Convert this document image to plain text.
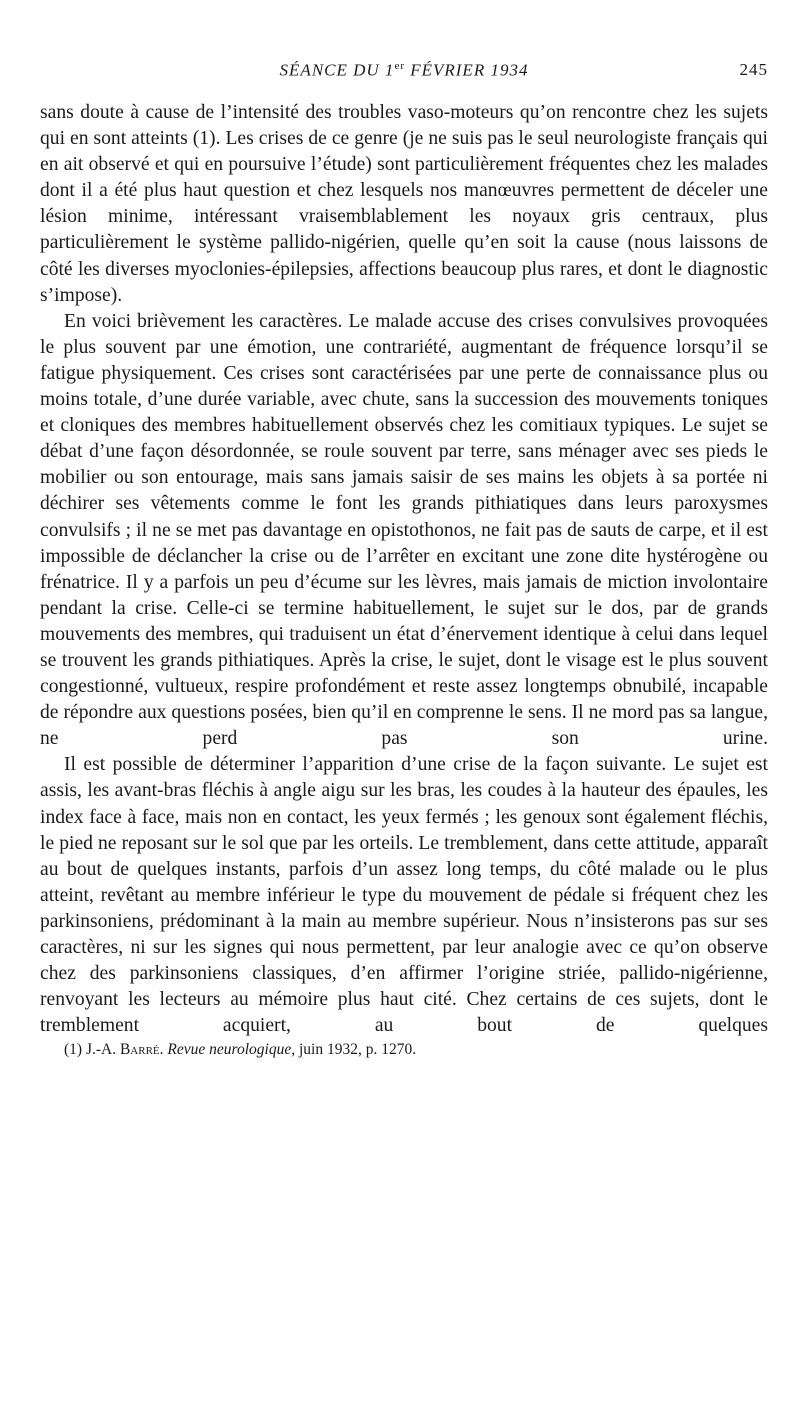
SÉANCE DU 1er FÉVRIER 1934	245

sans doute à cause de l’intensité des troubles vaso-moteurs qu’on rencontre chez les sujets qui en sont atteints (1). Les crises de ce genre (je ne suis pas le seul neurologiste français qui en ait observé et qui en poursuive l’étude) sont particulièrement fréquentes chez les malades dont il a été plus haut question et chez lesquels nos manœuvres permettent de déceler une lésion minime, intéressant vraisemblablement les noyaux gris centraux, plus particulièrement le système pallido-nigérien, quelle qu’en soit la cause (nous laissons de côté les diverses myoclonies-épilepsies, affections beaucoup plus rares, et dont le diagnostic s’impose).

En voici brièvement les caractères. Le malade accuse des crises convulsives provoquées le plus souvent par une émotion, une contrariété, augmentant de fréquence lorsqu’il se fatigue physiquement. Ces crises sont caractérisées par une perte de connaissance plus ou moins totale, d’une durée variable, avec chute, sans la succession des mouvements toniques et cloniques des membres habituellement observés chez les comitiaux typiques. Le sujet se débat d’une façon désordonnée, se roule souvent par terre, sans ménager avec ses pieds le mobilier ou son entourage, mais sans jamais saisir de ses mains les objets à sa portée ni déchirer ses vêtements comme le font les grands pithiatiques dans leurs paroxysmes convulsifs ; il ne se met pas davantage en opistothonos, ne fait pas de sauts de carpe, et il est impossible de déclancher la crise ou de l’arrêter en excitant une zone dite hystérogène ou frénatrice. Il y a parfois un peu d’écume sur les lèvres, mais jamais de miction involontaire pendant la crise. Celle-ci se termine habituellement, le sujet sur le dos, par de grands mouvements des membres, qui traduisent un état d’énervement identique à celui dans lequel se trouvent les grands pithiatiques. Après la crise, le sujet, dont le visage est le plus souvent congestionné, vultueux, respire profondément et reste assez longtemps obnubilé, incapable de répondre aux questions posées, bien qu’il en comprenne le sens. Il ne mord pas sa langue, ne perd pas son urine.

Il est possible de déterminer l’apparition d’une crise de la façon suivante. Le sujet est assis, les avant-bras fléchis à angle aigu sur les bras, les coudes à la hauteur des épaules, les index face à face, mais non en contact, les yeux fermés ; les genoux sont également fléchis, le pied ne reposant sur le sol que par les orteils. Le tremblement, dans cette attitude, apparaît au bout de quelques instants, parfois d’un assez long temps, du côté malade ou le plus atteint, revêtant au membre inférieur le type du mouvement de pédale si fréquent chez les parkinsoniens, prédominant à la main au membre supérieur. Nous n’insisterons pas sur ses caractères, ni sur les signes qui nous permettent, par leur analogie avec ce qu’on observe chez des parkinsoniens classiques, d’en affirmer l’origine striée, pallido-nigérienne, renvoyant les lecteurs au mémoire plus haut cité. Chez certains de ces sujets, dont le tremblement acquiert, au bout de quelques

(1) J.-A. Barré. Revue neurologique, juin 1932, p. 1270.
